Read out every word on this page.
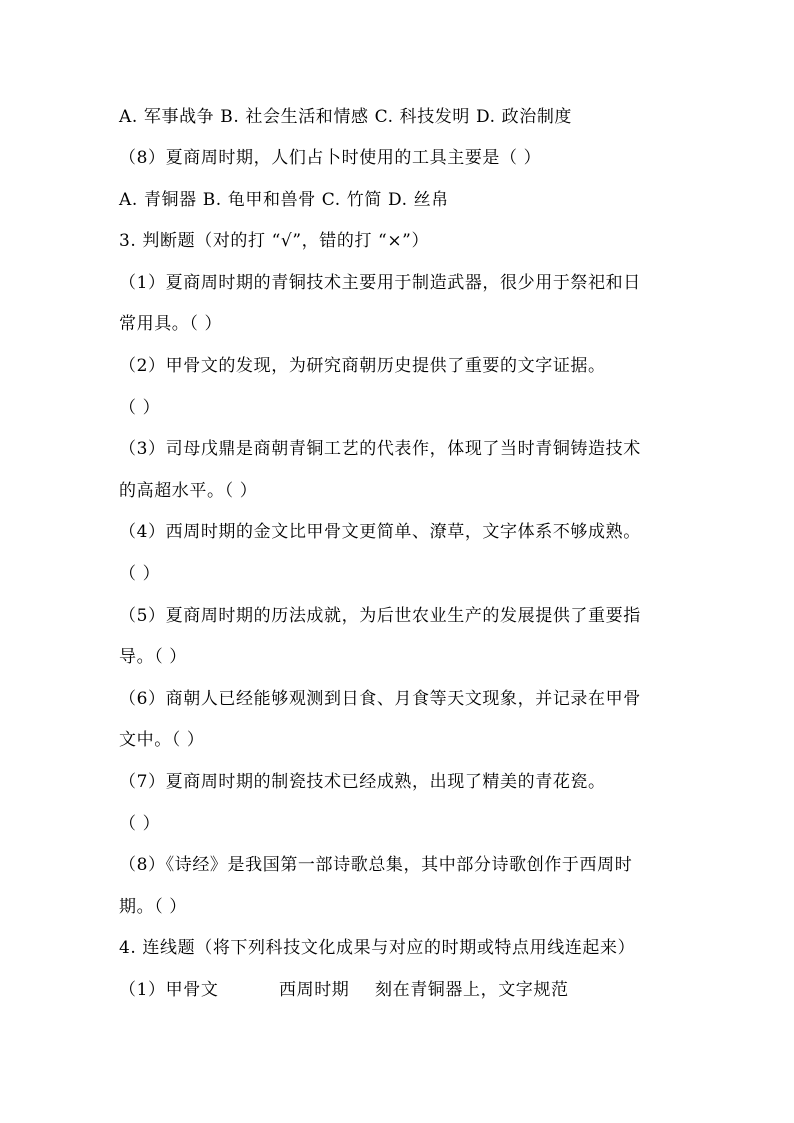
A. 军事战争 B. 社会生活和情感 C. 科技发明 D. 政治制度
（8）夏商周时期，人们占卜时使用的工具主要是（ ）
A. 青铜器 B. 龟甲和兽骨 C. 竹简 D. 丝帛
3. 判断题（对的打 “√”，错的打 “×”）
（1）夏商周时期的青铜技术主要用于制造武器，很少用于祭祀和日
常用具。（ ）
（2）甲骨文的发现，为研究商朝历史提供了重要的文字证据。
（ ）
（3）司母戊鼎是商朝青铜工艺的代表作，体现了当时青铜铸造技术
的高超水平。（ ）
（4）西周时期的金文比甲骨文更简单、潦草，文字体系不够成熟。
（ ）
（5）夏商周时期的历法成就，为后世农业生产的发展提供了重要指
导。（ ）
（6）商朝人已经能够观测到日食、月食等天文现象，并记录在甲骨
文中。（ ）
（7）夏商周时期的制瓷技术已经成熟，出现了精美的青花瓷。
（ ）
（8）《诗经》是我国第一部诗歌总集，其中部分诗歌创作于西周时
期。（ ）
4. 连线题（将下列科技文化成果与对应的时期或特点用线连起来）
（1）甲骨文	西周时期 刻在青铜器上，文字规范
